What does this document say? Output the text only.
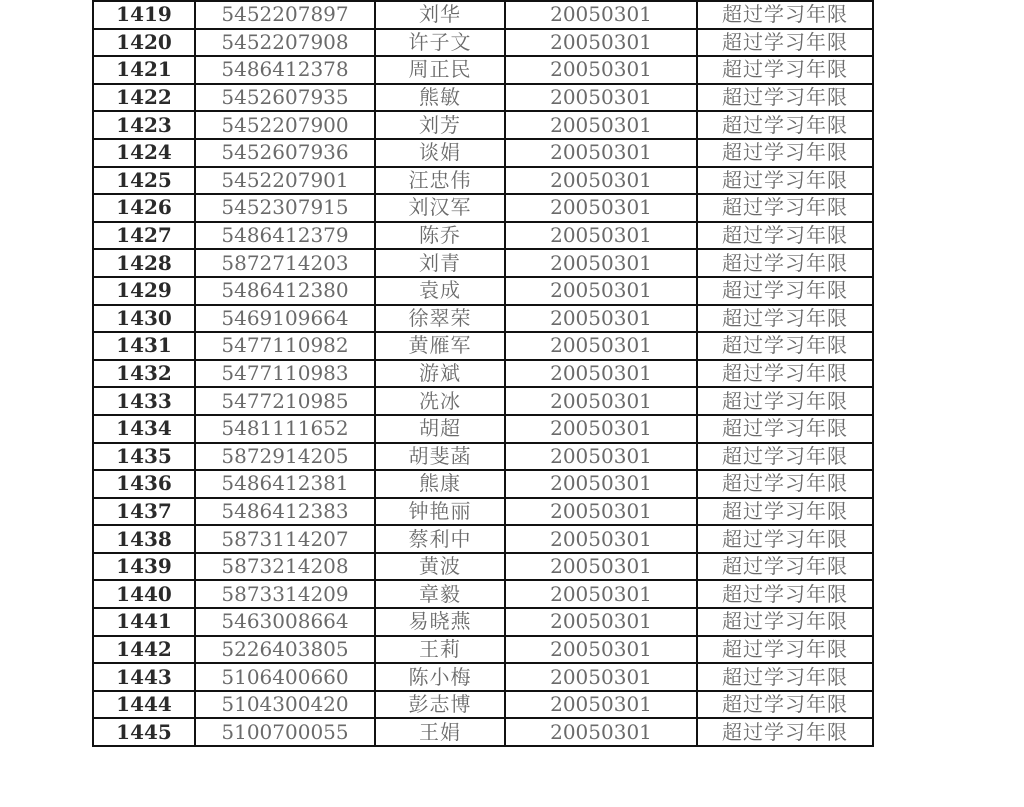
1419	5452207897	刘华	20050301	超过学习年限
1420	5452207908	许子文	20050301	超过学习年限
1421	5486412378	周正民	20050301	超过学习年限
1422	5452607935	熊敏	20050301	超过学习年限
1423	5452207900	刘芳	20050301	超过学习年限
1424	5452607936	谈娟	20050301	超过学习年限
1425	5452207901	汪忠伟	20050301	超过学习年限
1426	5452307915	刘汉军	20050301	超过学习年限
1427	5486412379	陈乔	20050301	超过学习年限
1428	5872714203	刘青	20050301	超过学习年限
1429	5486412380	袁成	20050301	超过学习年限
1430	5469109664	徐翠荣	20050301	超过学习年限
1431	5477110982	黄雁军	20050301	超过学习年限
1432	5477110983	游斌	20050301	超过学习年限
1433	5477210985	冼冰	20050301	超过学习年限
1434	5481111652	胡超	20050301	超过学习年限
1435	5872914205	胡斐菡	20050301	超过学习年限
1436	5486412381	熊康	20050301	超过学习年限
1437	5486412383	钟艳丽	20050301	超过学习年限
1438	5873114207	蔡利中	20050301	超过学习年限
1439	5873214208	黄波	20050301	超过学习年限
1440	5873314209	章毅	20050301	超过学习年限
1441	5463008664	易晓燕	20050301	超过学习年限
1442	5226403805	王莉	20050301	超过学习年限
1443	5106400660	陈小梅	20050301	超过学习年限
1444	5104300420	彭志博	20050301	超过学习年限
1445	5100700055	王娟	20050301	超过学习年限
